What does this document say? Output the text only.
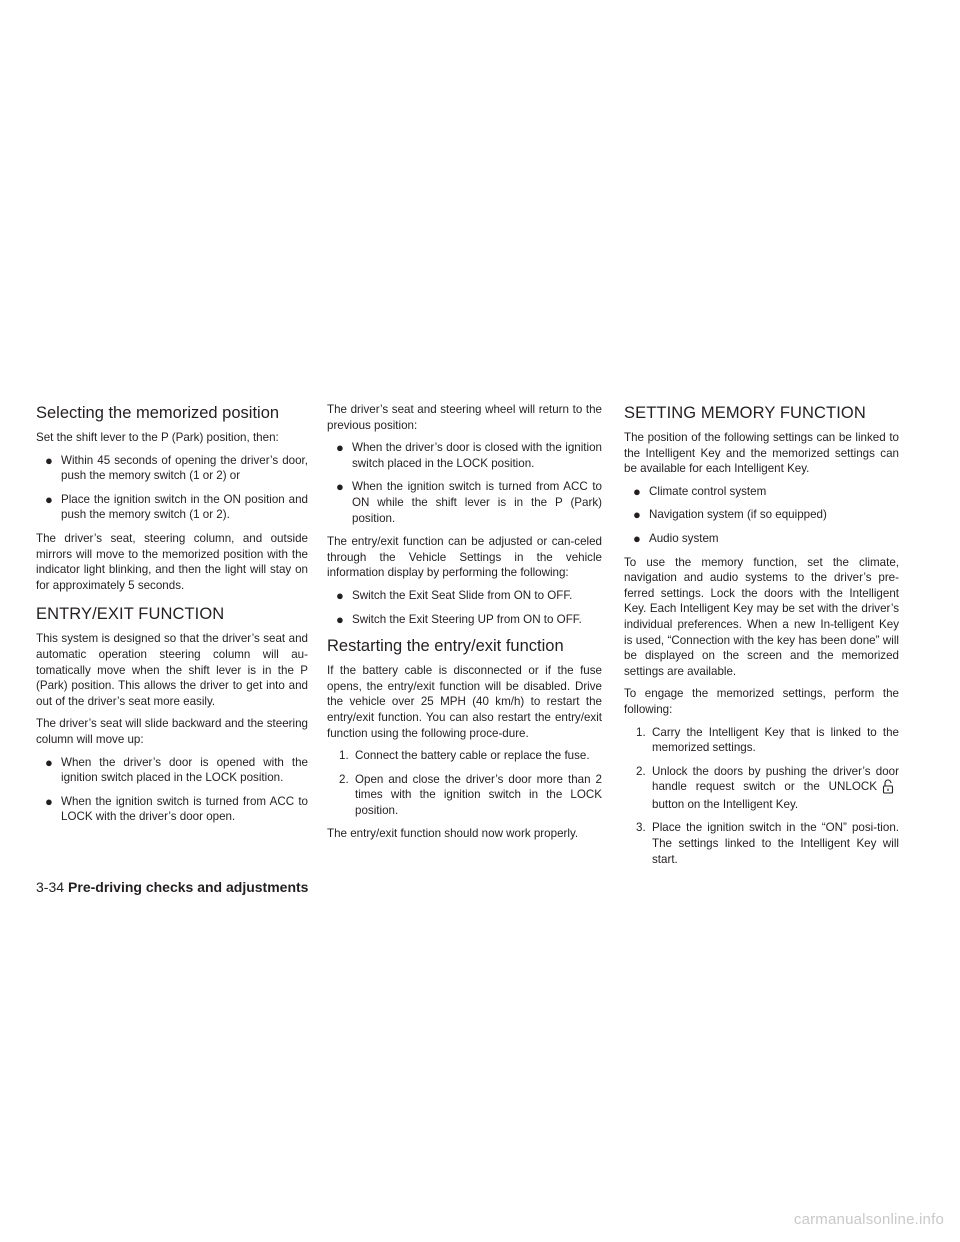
Selecting the memorized position

Set the shift lever to the P (Park) position, then:

● Within 45 seconds of opening the driver’s door, push the memory switch (1 or 2) or
● Place the ignition switch in the ON position and push the memory switch (1 or 2).

The driver’s seat, steering column, and outside mirrors will move to the memorized position with the indicator light blinking, and then the light will stay on for approximately 5 seconds.

ENTRY/EXIT FUNCTION

This system is designed so that the driver’s seat and automatic operation steering column will au-tomatically move when the shift lever is in the P (Park) position. This allows the driver to get into and out of the driver’s seat more easily.

The driver’s seat will slide backward and the steering column will move up:

● When the driver’s door is opened with the ignition switch placed in the LOCK position.
● When the ignition switch is turned from ACC to LOCK with the driver’s door open.

The driver’s seat and steering wheel will return to the previous position:

● When the driver’s door is closed with the ignition switch placed in the LOCK position.
● When the ignition switch is turned from ACC to ON while the shift lever is in the P (Park) position.

The entry/exit function can be adjusted or can-celed through the Vehicle Settings in the vehicle information display by performing the following:

● Switch the Exit Seat Slide from ON to OFF.
● Switch the Exit Steering UP from ON to OFF.
Restarting the entry/exit function

If the battery cable is disconnected or if the fuse opens, the entry/exit function will be disabled. Drive the vehicle over 25 MPH (40 km/h) to restart the entry/exit function. You can also restart the entry/exit function using the following proce-dure.

1. Connect the battery cable or replace the fuse.
2. Open and close the driver’s door more than 2 times with the ignition switch in the LOCK position.

The entry/exit function should now work properly.

SETTING MEMORY FUNCTION

The position of the following settings can be linked to the Intelligent Key and the memorized settings can be available for each Intelligent Key.

● Climate control system
● Navigation system (if so equipped)
● Audio system

To use the memory function, set the climate, navigation and audio systems to the driver’s pre-ferred settings. Lock the doors with the Intelligent Key. Each Intelligent Key may be set with the driver’s individual preferences. When a new In-telligent Key is used, “Connection with the key has been done” will be displayed on the screen and the memorized settings are available.

To engage the memorized settings, perform the following:

1. Carry the Intelligent Key that is linked to the memorized settings.
2. Unlock the doors by pushing the driver’s door handle request switch or the UNLOCKbutton on the Intelligent Key.
3. Place the ignition switch in the “ON” posi-tion. The settings linked to the Intelligent Key will start.
3-34 Pre-driving checks and adjustments
carmanualsonline.info
